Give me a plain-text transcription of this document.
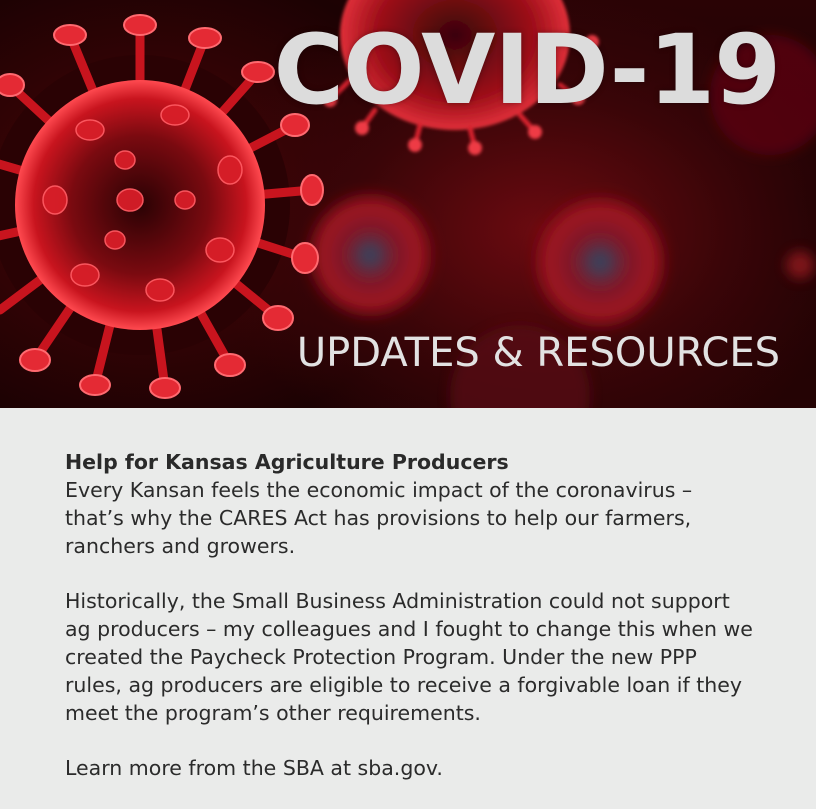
COVID-19
UPDATES & RESOURCES

Help for Kansas Agriculture Producers

Every Kansan feels the economic impact of the coronavirus – that’s why the CARES Act has provisions to help our farmers, ranchers and growers.

Historically, the Small Business Administration could not support ag producers – my colleagues and I fought to change this when we created the Paycheck Protection Program. Under the new PPP rules, ag producers are eligible to receive a forgivable loan if they meet the program’s other requirements.

Learn more from the SBA at sba.gov.
